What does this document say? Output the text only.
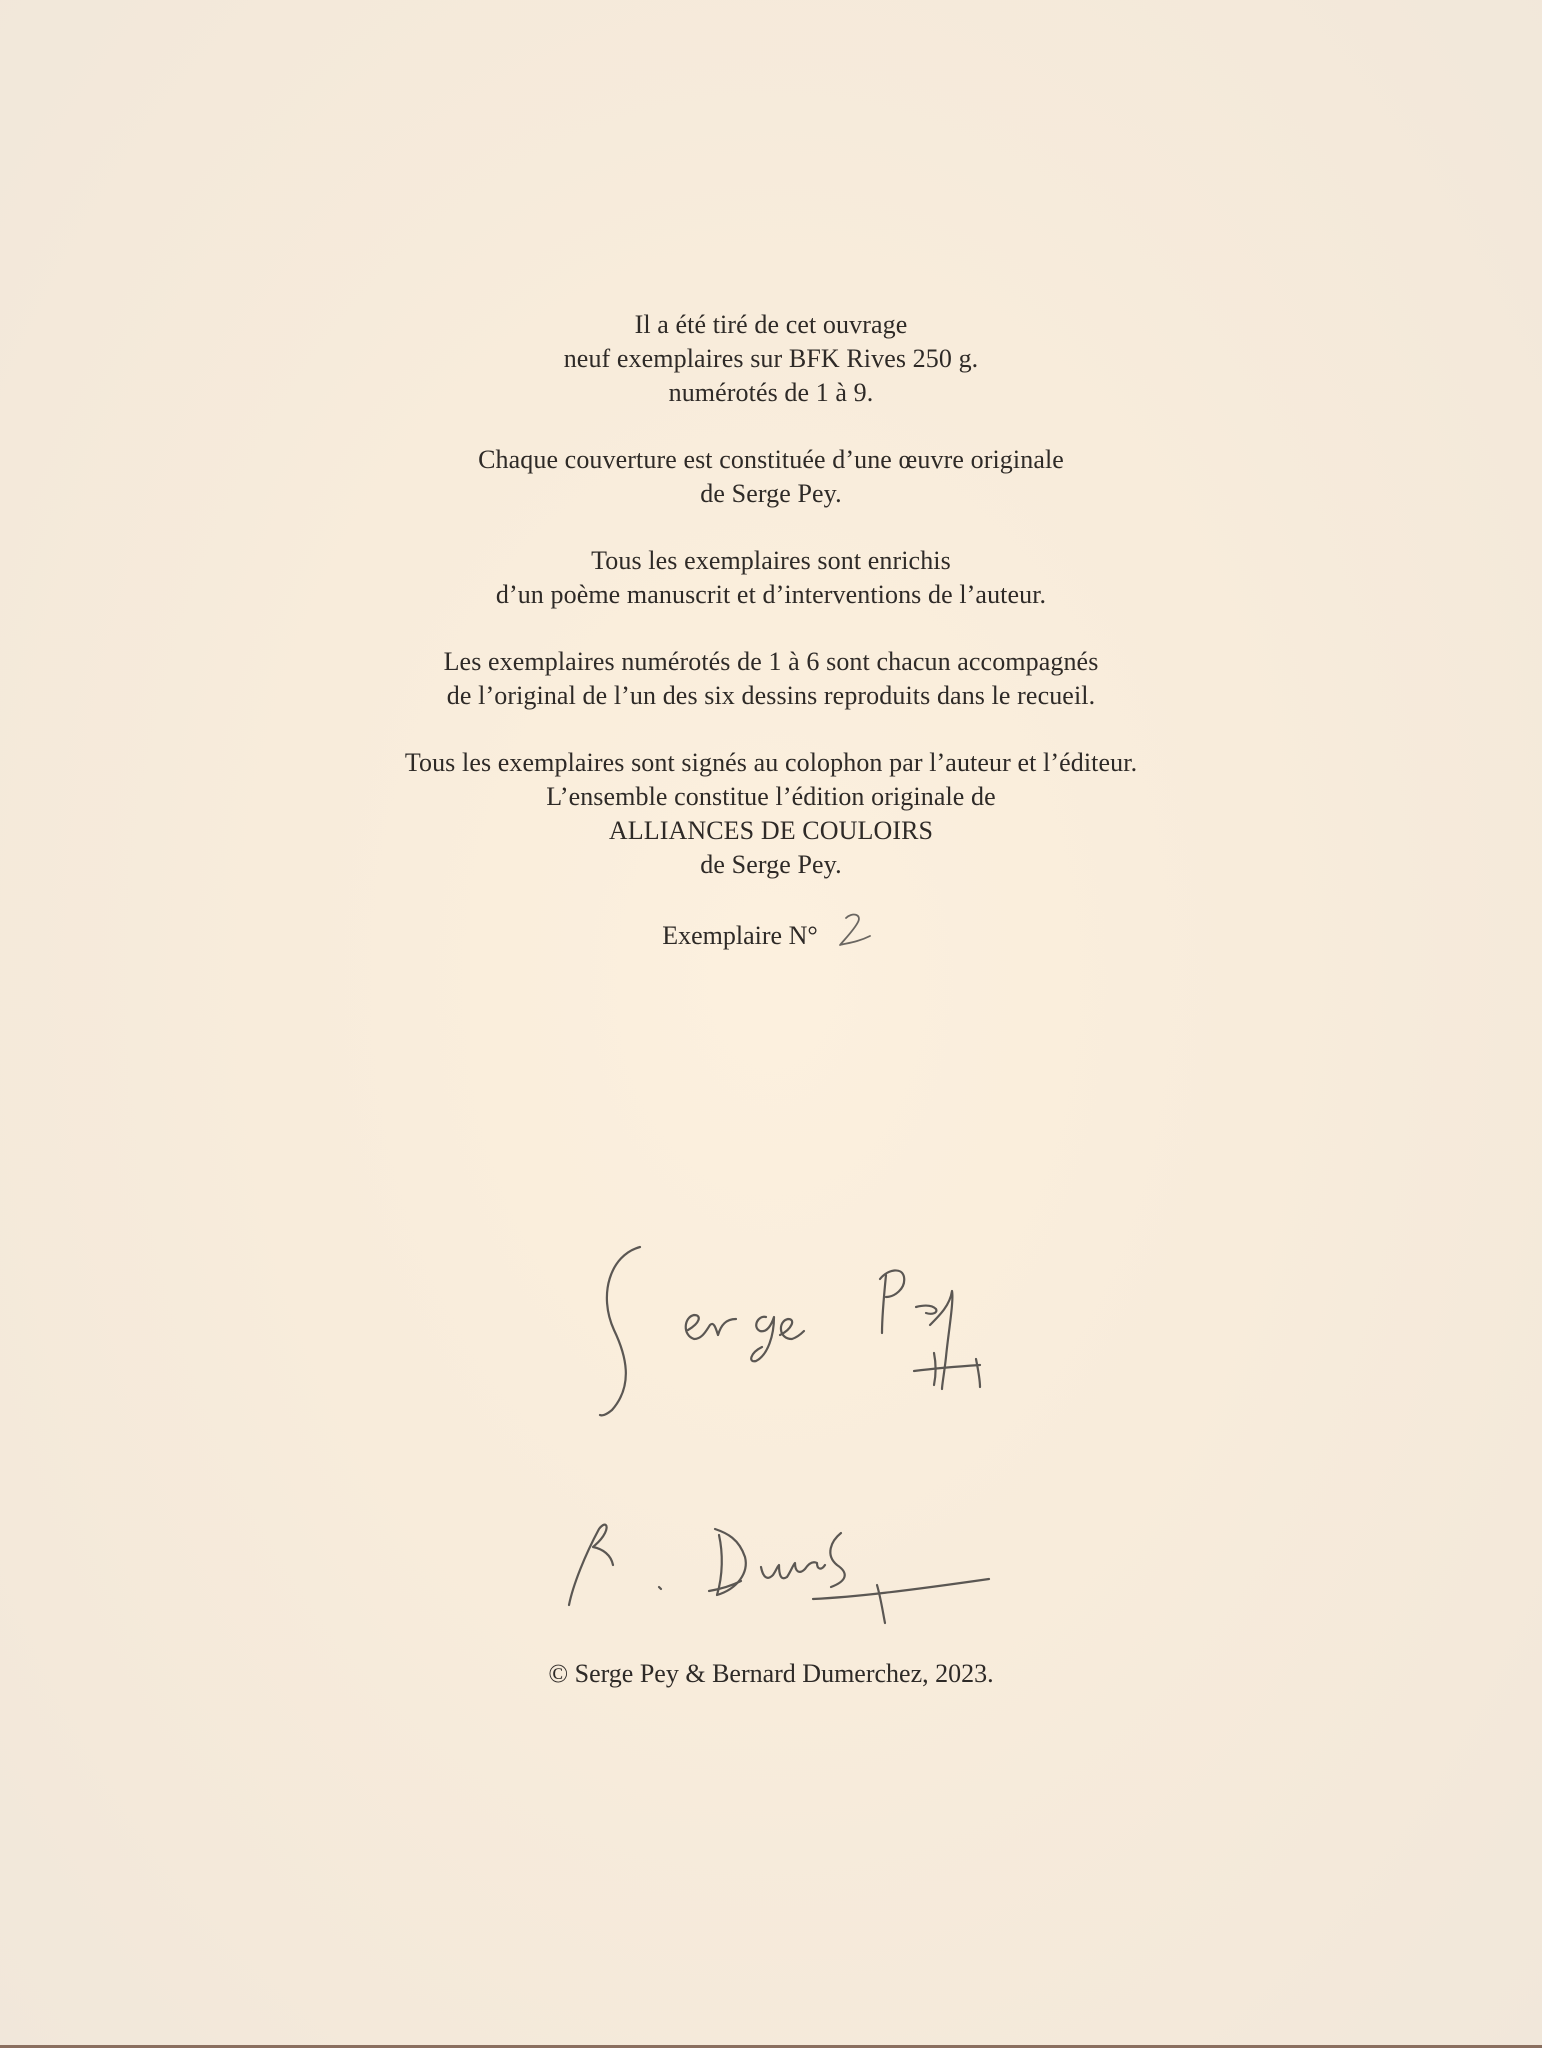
Il a été tiré de cet ouvrage
neuf exemplaires sur BFK Rives 250 g.
numérotés de 1 à 9.
Chaque couverture est constituée d’une œuvre originale
de Serge Pey.
Tous les exemplaires sont enrichis
d’un poème manuscrit et d’interventions de l’auteur.
Les exemplaires numérotés de 1 à 6 sont chacun accompagnés
de l’original de l’un des six dessins reproduits dans le recueil.
Tous les exemplaires sont signés au colophon par l’auteur et l’éditeur.
L’ensemble constitue l’édition originale de
ALLIANCES DE COULOIRS
de Serge Pey.
Exemplaire N°
© Serge Pey & Bernard Dumerchez, 2023.
